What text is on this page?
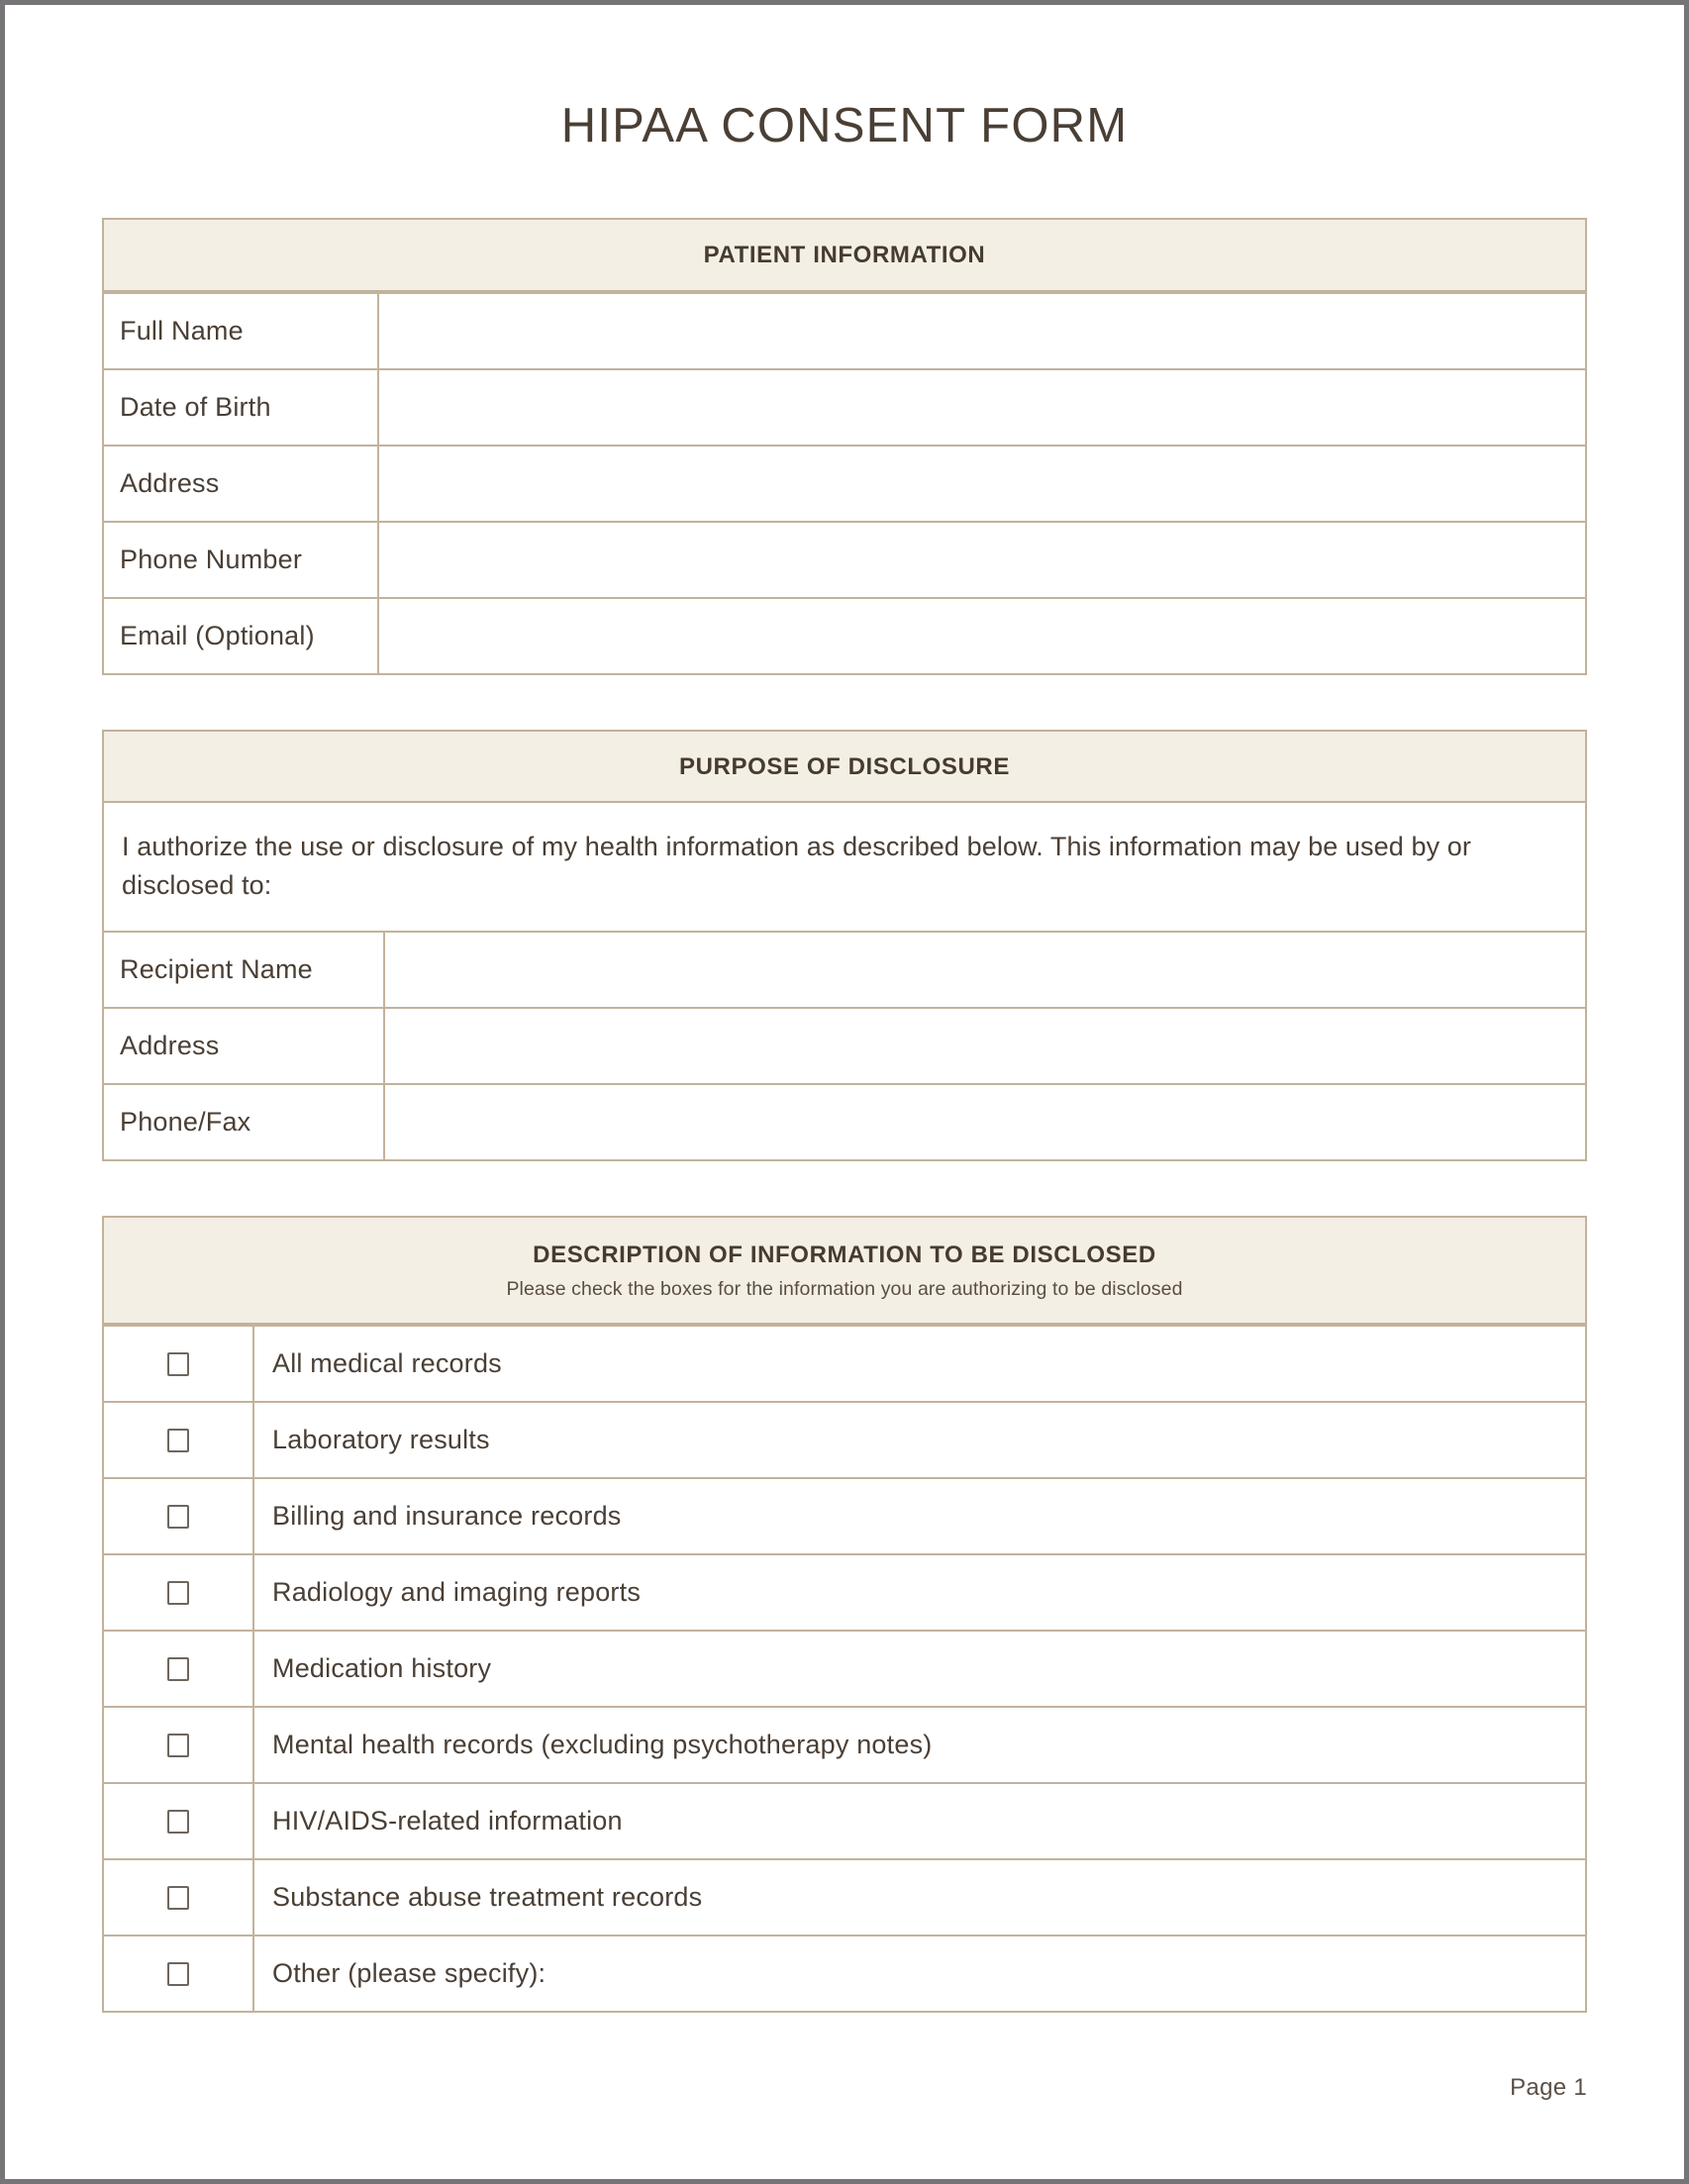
HIPAA CONSENT FORM
PATIENT INFORMATION
Full Name
Date of Birth
Address
Phone Number
Email (Optional)
PURPOSE OF DISCLOSURE
I authorize the use or disclosure of my health information as described below. This information may be used by or disclosed to:
Recipient Name
Address
Phone/Fax
DESCRIPTION OF INFORMATION TO BE DISCLOSED
Please check the boxes for the information you are authorizing to be disclosed
All medical records
Laboratory results
Billing and insurance records
Radiology and imaging reports
Medication history
Mental health records (excluding psychotherapy notes)
HIV/AIDS-related information
Substance abuse treatment records
Other (please specify):
Page 1
